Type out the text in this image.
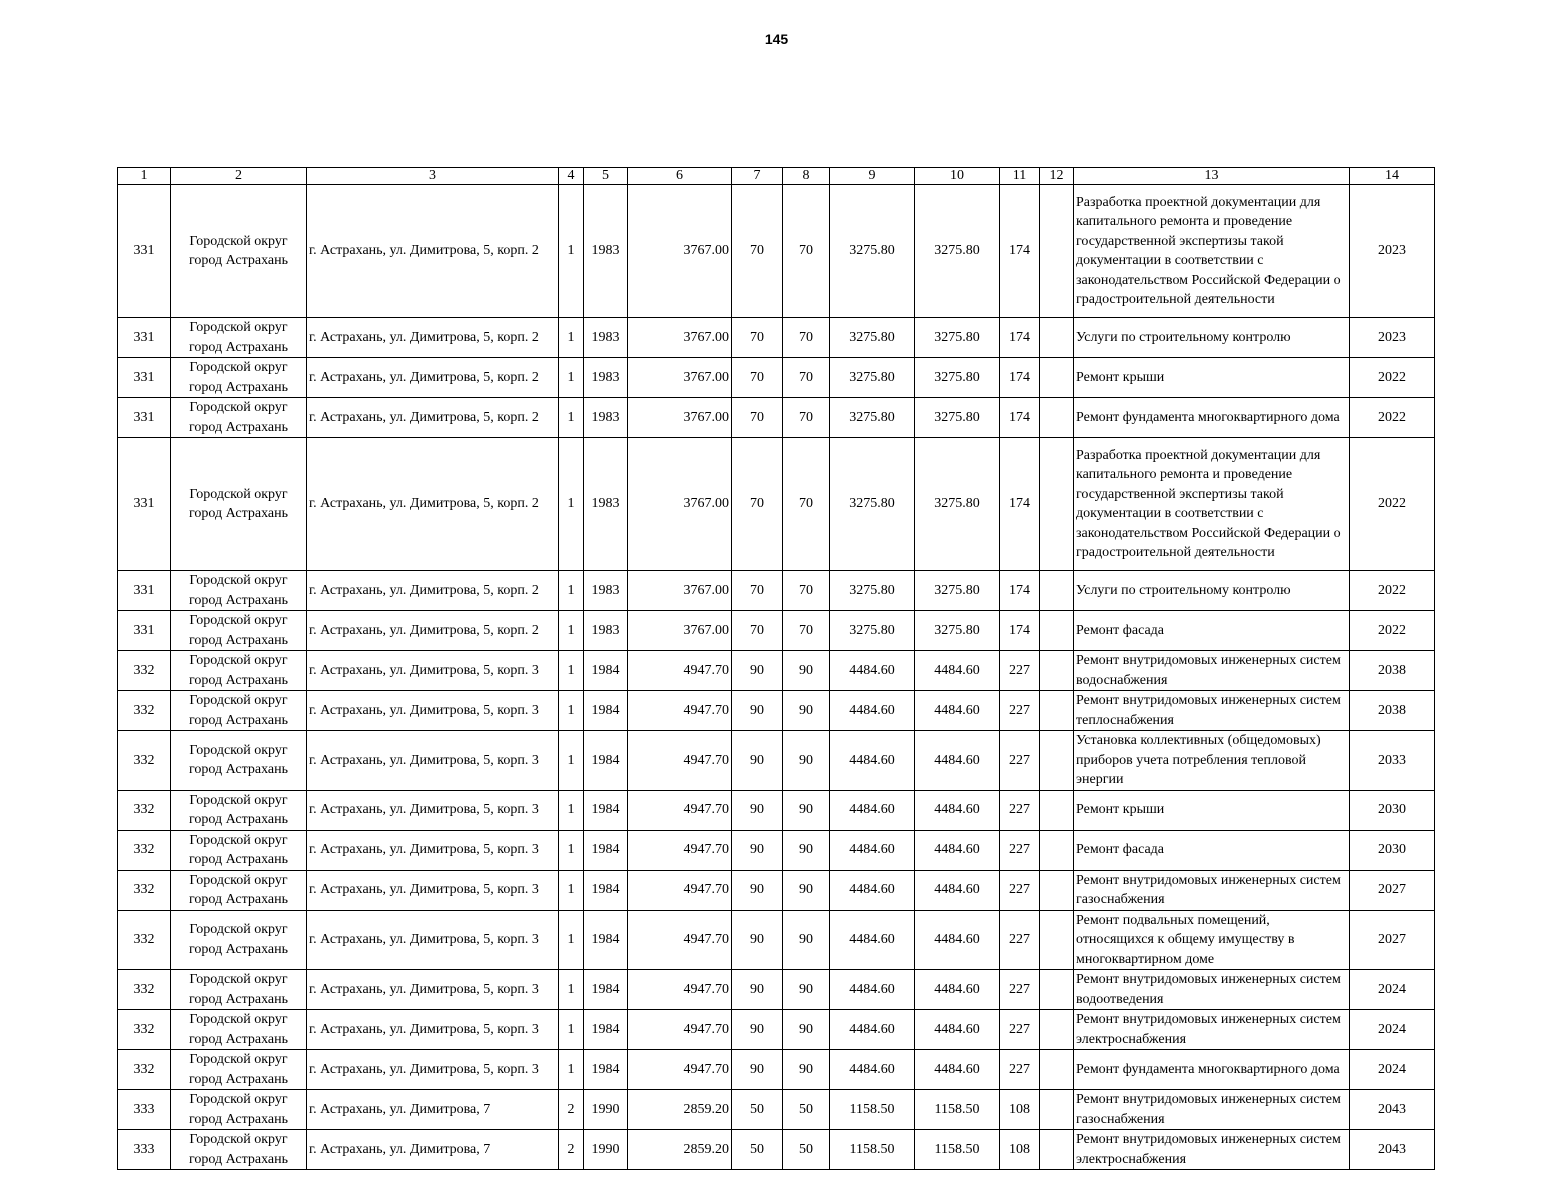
145
1	2	3	4	5	6	7	8	9	10	11	12	13	14
331	Городской округ город Астрахань	г. Астрахань, ул. Димитрова, 5, корп. 2	1	1983	3767.00	70	70	3275.80	3275.80	174		Разработка проектной документации для капитального ремонта и проведение государственной экспертизы такой документации в соответствии с законодательством Российской Федерации о градостроительной деятельности	2023
331	Городской округ город Астрахань	г. Астрахань, ул. Димитрова, 5, корп. 2	1	1983	3767.00	70	70	3275.80	3275.80	174		Услуги по строительному контролю	2023
331	Городской округ город Астрахань	г. Астрахань, ул. Димитрова, 5, корп. 2	1	1983	3767.00	70	70	3275.80	3275.80	174		Ремонт крыши	2022
331	Городской округ город Астрахань	г. Астрахань, ул. Димитрова, 5, корп. 2	1	1983	3767.00	70	70	3275.80	3275.80	174		Ремонт фундамента многоквартирного дома	2022
331	Городской округ город Астрахань	г. Астрахань, ул. Димитрова, 5, корп. 2	1	1983	3767.00	70	70	3275.80	3275.80	174		Разработка проектной документации для капитального ремонта и проведение государственной экспертизы такой документации в соответствии с законодательством Российской Федерации о градостроительной деятельности	2022
331	Городской округ город Астрахань	г. Астрахань, ул. Димитрова, 5, корп. 2	1	1983	3767.00	70	70	3275.80	3275.80	174		Услуги по строительному контролю	2022
331	Городской округ город Астрахань	г. Астрахань, ул. Димитрова, 5, корп. 2	1	1983	3767.00	70	70	3275.80	3275.80	174		Ремонт фасада	2022
332	Городской округ город Астрахань	г. Астрахань, ул. Димитрова, 5, корп. 3	1	1984	4947.70	90	90	4484.60	4484.60	227		Ремонт внутридомовых инженерных систем водоснабжения	2038
332	Городской округ город Астрахань	г. Астрахань, ул. Димитрова, 5, корп. 3	1	1984	4947.70	90	90	4484.60	4484.60	227		Ремонт внутридомовых инженерных систем теплоснабжения	2038
332	Городской округ город Астрахань	г. Астрахань, ул. Димитрова, 5, корп. 3	1	1984	4947.70	90	90	4484.60	4484.60	227		Установка коллективных (общедомовых) приборов учета потребления тепловой энергии	2033
332	Городской округ город Астрахань	г. Астрахань, ул. Димитрова, 5, корп. 3	1	1984	4947.70	90	90	4484.60	4484.60	227		Ремонт крыши	2030
332	Городской округ город Астрахань	г. Астрахань, ул. Димитрова, 5, корп. 3	1	1984	4947.70	90	90	4484.60	4484.60	227		Ремонт фасада	2030
332	Городской округ город Астрахань	г. Астрахань, ул. Димитрова, 5, корп. 3	1	1984	4947.70	90	90	4484.60	4484.60	227		Ремонт внутридомовых инженерных систем газоснабжения	2027
332	Городской округ город Астрахань	г. Астрахань, ул. Димитрова, 5, корп. 3	1	1984	4947.70	90	90	4484.60	4484.60	227		Ремонт подвальных помещений, относящихся к общему имуществу в многоквартирном доме	2027
332	Городской округ город Астрахань	г. Астрахань, ул. Димитрова, 5, корп. 3	1	1984	4947.70	90	90	4484.60	4484.60	227		Ремонт внутридомовых инженерных систем водоотведения	2024
332	Городской округ город Астрахань	г. Астрахань, ул. Димитрова, 5, корп. 3	1	1984	4947.70	90	90	4484.60	4484.60	227		Ремонт внутридомовых инженерных систем электроснабжения	2024
332	Городской округ город Астрахань	г. Астрахань, ул. Димитрова, 5, корп. 3	1	1984	4947.70	90	90	4484.60	4484.60	227		Ремонт фундамента многоквартирного дома	2024
333	Городской округ город Астрахань	г. Астрахань, ул. Димитрова, 7	2	1990	2859.20	50	50	1158.50	1158.50	108		Ремонт внутридомовых инженерных систем газоснабжения	2043
333	Городской округ город Астрахань	г. Астрахань, ул. Димитрова, 7	2	1990	2859.20	50	50	1158.50	1158.50	108		Ремонт внутридомовых инженерных систем электроснабжения	2043
